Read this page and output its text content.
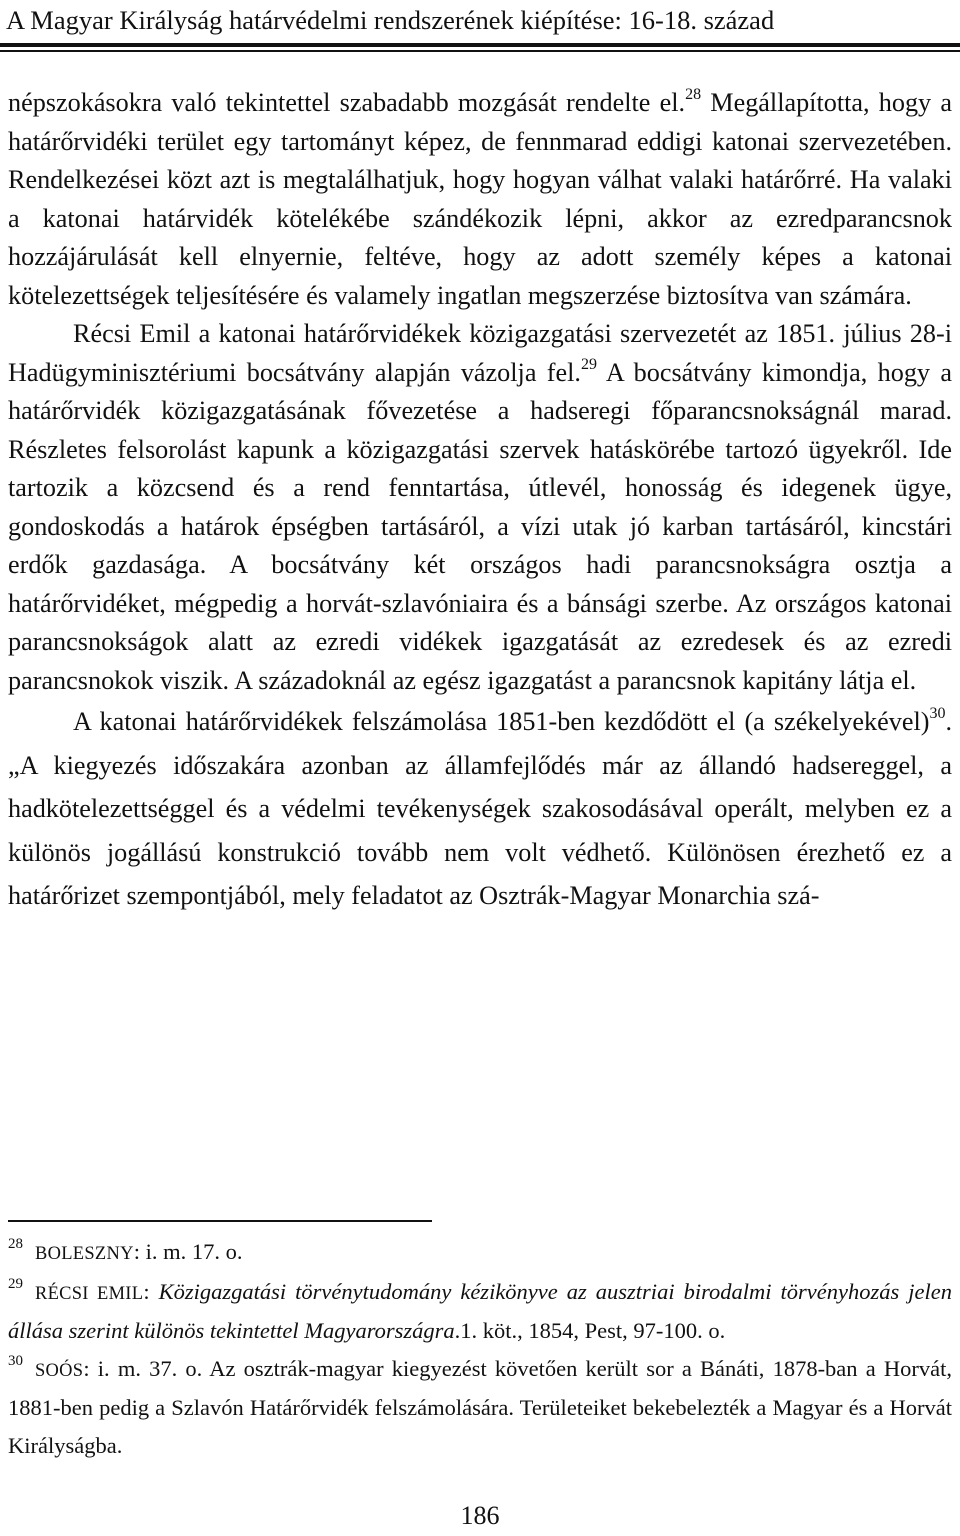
A Magyar Királyság határvédelmi rendszerének kiépítése: 16-18. század

népszokásokra való tekintettel szabadabb mozgását rendelte el.$^{28}$ Megállapította, hogy a határőrvidéki terület egy tartományt képez, de fennmarad eddigi katonai szervezetében. Rendelkezései közt azt is megtalálhatjuk, hogy hogyan válhat valaki határőrré. Ha valaki a katonai határvidék kötelékébe szándékozik lépni, akkor az ezredparancsnok hozzájárulását kell elnyernie, feltéve, hogy az adott személy képes a katonai kötelezettségek teljesítésére és valamely ingatlan megszerzése biztosítva van számára.

Récsi Emil a katonai határőrvidékek közigazgatási szervezetét az 1851. július 28-i Hadügyminisztériumi bocsátvány alapján vázolja fel.$^{29}$ A bocsátvány kimondja, hogy a határőrvidék közigazgatásának fővezetése a hadseregi főparancsnokságnál marad. Részletes felsorolást kapunk a közigazgatási szervek hatáskörébe tartozó ügyekről. Ide tartozik a közcsend és a rend fenntartása, útlevél, honosság és idegenek ügye, gondoskodás a határok épségben tartásáról, a vízi utak jó karban tartásáról, kincstári erdők gazdasága. A bocsátvány két országos hadi parancsnokságra osztja a határőrvidéket, mégpedig a horvát-szlavóniaira és a bánsági szerbe. Az országos katonai parancsnokságok alatt az ezredi vidékek igazgatását az ezredesek és az ezredi parancsnokok viszik. A századoknál az egész igazgatást a parancsnok kapitány látja el.

A katonai határőrvidékek felszámolása 1851-ben kezdődött el (a székelyekével)$^{30}$. „A kiegyezés időszakára azonban az államfejlődés már az állandó hadsereggel, a hadkötelezettséggel és a védelmi tevékenységek szakosodásával operált, melyben ez a különös jogállású konstrukció tovább nem volt védhető. Különösen érezhető ez a határőrizet szempontjából, mely feladatot az Osztrák-Magyar Monarchia szá-

$^{28}$ BOLESZNY: i. m. 17. o.

$^{29}$ RÉCSI EMIL: Közigazgatási törvénytudomány kézikönyve az ausztriai birodalmi törvényhozás jelen állása szerint különös tekintettel Magyarországra.1. köt., 1854, Pest, 97-100. o.

$^{30}$ SOÓS: i. m. 37. o. Az osztrák-magyar kiegyezést követően került sor a Bánáti, 1878-ban a Horvát, 1881-ben pedig a Szlavón Határőrvidék felszámolására. Területeiket bekebelezték a Magyar és a Horvát Királyságba.

186
